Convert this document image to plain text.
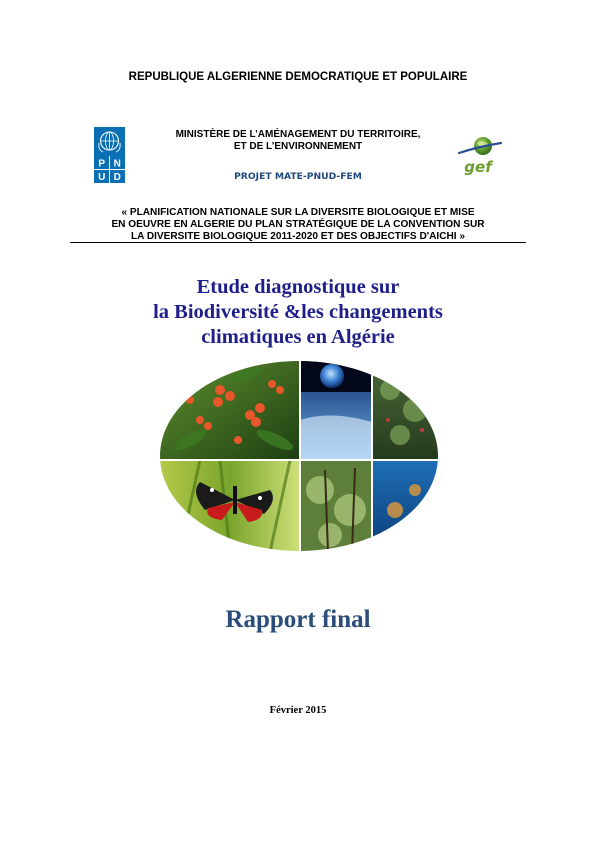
REPUBLIQUE ALGERIENNE DEMOCRATIQUE ET POPULAIRE
P N
U D
gef
MINISTÈRE DE L’AMÉNAGEMENT DU TERRITOIRE,
ET DE L’ENVIRONNEMENT
PROJET MATE-PNUD-FEM
« PLANIFICATION NATIONALE SUR LA DIVERSITE BIOLOGIQUE ET MISE
EN OEUVRE EN ALGERIE DU PLAN STRATÉGIQUE DE LA CONVENTION SUR
LA DIVERSITE BIOLOGIQUE 2011-2020 ET DES OBJECTIFS D'AICHI »
Etude diagnostique sur
la Biodiversité &les changements
climatiques en Algérie
Rapport final
Février 2015
